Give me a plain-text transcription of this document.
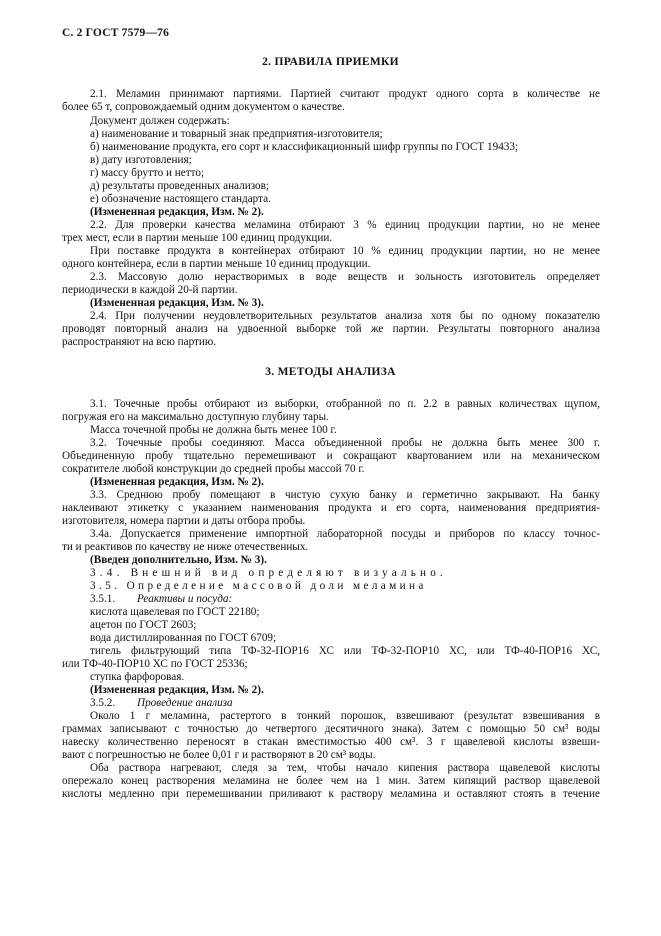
С. 2 ГОСТ 7579—76
2. ПРАВИЛА ПРИЕМКИ
2.1. Меламин принимают партиями. Партией считают продукт одного сорта в количестве не
более 65 т, сопровождаемый одним документом о качестве.
Документ должен содержать:
а) наименование и товарный знак предприятия-изготовителя;
б) наименование продукта, его сорт и классификационный шифр группы по ГОСТ 19433;
в) дату изготовления;
г) массу брутто и нетто;
д) результаты проведенных анализов;
е) обозначение настоящего стандарта.
(Измененная редакция, Изм. № 2).
2.2. Для проверки качества меламина отбирают 3 % единиц продукции партии, но не менее
трех мест, если в партии меньше 100 единиц продукции.
При поставке продукта в контейнерах отбирают 10 % единиц продукции партии, но не менее
одного контейнера, если в партии меньше 10 единиц продукции.
2.3. Массовую долю нерастворимых в воде веществ и зольность изготовитель определяет
периодически в каждой 20-й партии.
(Измененная редакция, Изм. № 3).
2.4. При получении неудовлетворительных результатов анализа хотя бы по одному показателю
проводят повторный анализ на удвоенной выборке той же партии. Результаты повторного анализа
распространяют на всю партию.
3. МЕТОДЫ АНАЛИЗА
3.1. Точечные пробы отбирают из выборки, отобранной по п. 2.2 в равных количествах щупом,
погружая его на максимально доступную глубину тары.
Масса точечной пробы не должна быть менее 100 г.
3.2. Точечные пробы соединяют. Масса объединенной пробы не должна быть менее 300 г.
Объединенную пробу тщательно перемешивают и сокращают квартованием или на механическом
сократителе любой конструкции до средней пробы массой 70 г.
(Измененная редакция, Изм. № 2).
3.3. Среднюю пробу помещают в чистую сухую банку и герметично закрывают. На банку
наклеивают этикетку с указанием наименования продукта и его сорта, наименования предприятия-
изготовителя, номера партии и даты отбора пробы.
3.4а. Допускается применение импортной лабораторной посуды и приборов по классу точнос-
ти и реактивов по качеству не ниже отечественных.
(Введен дополнительно, Изм. № 3).
3.4. Внешний вид определяют визуально.
3.5. Определение массовой доли меламина
3.5.1.	Реактивы и посуда:
кислота щавелевая по ГОСТ 22180;
ацетон по ГОСТ 2603;
вода дистиллированная по ГОСТ 6709;
тигель фильтрующий типа ТФ-32-ПОР16 ХС или ТФ-32-ПОР10 ХС, или ТФ-40-ПОР16 ХС,
или ТФ-40-ПОР10 ХС по ГОСТ 25336;
ступка фарфоровая.
(Измененная редакция, Изм. № 2).
3.5.2.	Проведение анализа
Около 1 г меламина, растертого в тонкий порошок, взвешивают (результат взвешивания в
граммах записывают с точностью до четвертого десятичного знака). Затем с помощью 50 см³ воды
навеску количественно переносят в стакан вместимостью 400 см³. 3 г щавелевой кислоты взвеши-
вают с погрешностью не более 0,01 г и растворяют в 20 см³ воды.
Оба раствора нагревают, следя за тем, чтобы начало кипения раствора щавелевой кислоты
опережало конец растворения меламина не более чем на 1 мин. Затем кипящий раствор щавелевой
кислоты медленно при перемешивании приливают к раствору меламина и оставляют стоять в течение
